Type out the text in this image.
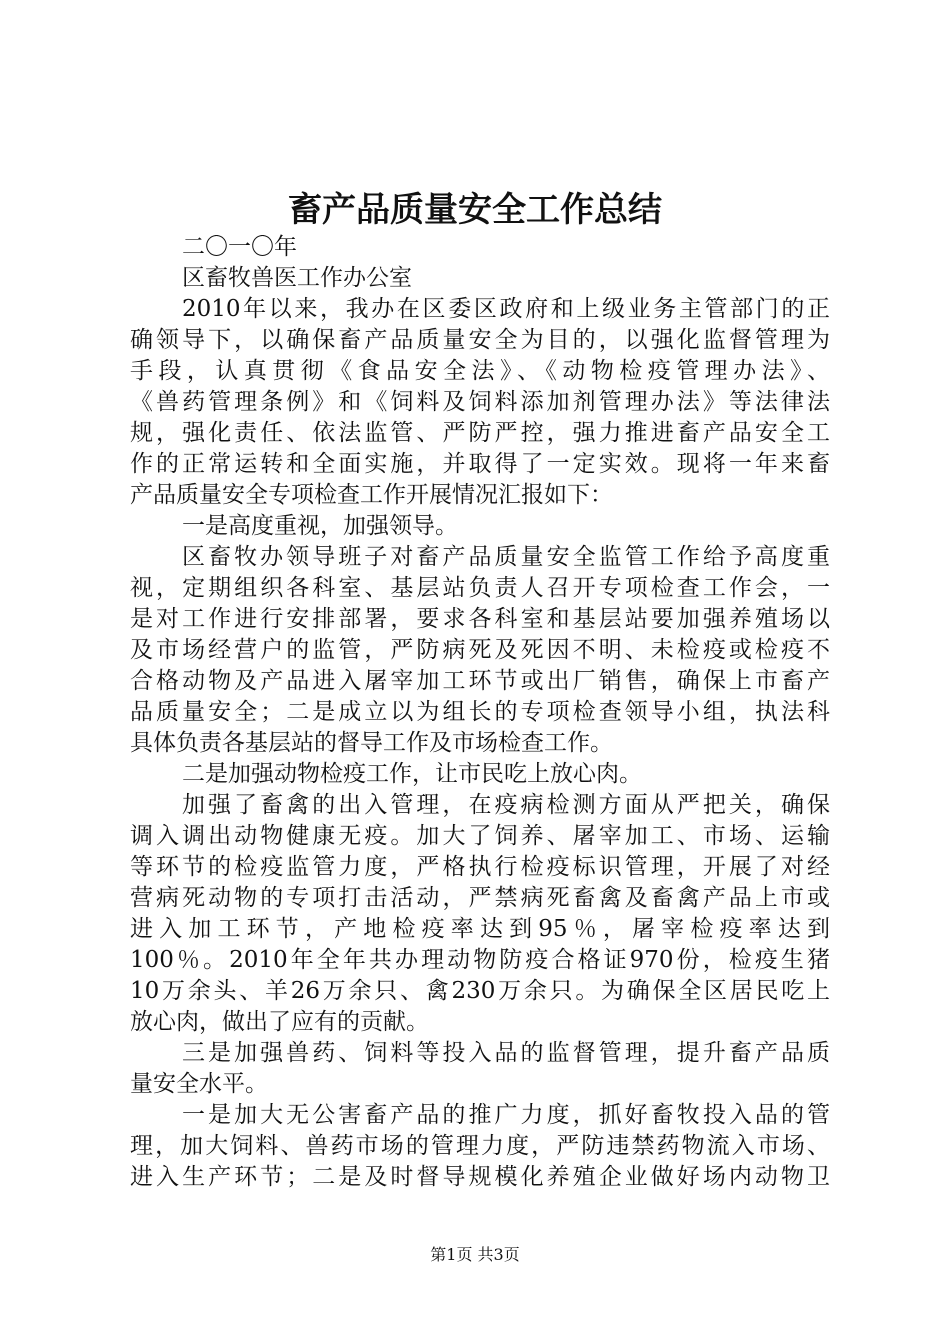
畜产品质量安全工作总结
二〇一〇年
区畜牧兽医工作办公室
2010年以来，我办在区委区政府和上级业务主管部门的正
确领导下，以确保畜产品质量安全为目的，以强化监督管理为
手段，认真贯彻《食品安全法》、《动物检疫管理办法》、
《兽药管理条例》和《饲料及饲料添加剂管理办法》等法律法
规，强化责任、依法监管、严防严控，强力推进畜产品安全工
作的正常运转和全面实施，并取得了一定实效。现将一年来畜
产品质量安全专项检查工作开展情况汇报如下：
一是高度重视，加强领导。
区畜牧办领导班子对畜产品质量安全监管工作给予高度重
视，定期组织各科室、基层站负责人召开专项检查工作会，一
是对工作进行安排部署，要求各科室和基层站要加强养殖场以
及市场经营户的监管，严防病死及死因不明、未检疫或检疫不
合格动物及产品进入屠宰加工环节或出厂销售，确保上市畜产
品质量安全；二是成立以为组长的专项检查领导小组，执法科
具体负责各基层站的督导工作及市场检查工作。
二是加强动物检疫工作，让市民吃上放心肉。
加强了畜禽的出入管理，在疫病检测方面从严把关，确保
调入调出动物健康无疫。加大了饲养、屠宰加工、市场、运输
等环节的检疫监管力度，严格执行检疫标识管理，开展了对经
营病死动物的专项打击活动，严禁病死畜禽及畜禽产品上市或
进入加工环节，产地检疫率达到95％，屠宰检疫率达到
100％。2010年全年共办理动物防疫合格证970份，检疫生猪
10万余头、羊26万余只、禽230万余只。为确保全区居民吃上
放心肉，做出了应有的贡献。
三是加强兽药、饲料等投入品的监督管理，提升畜产品质
量安全水平。
一是加大无公害畜产品的推广力度，抓好畜牧投入品的管
理，加大饲料、兽药市场的管理力度，严防违禁药物流入市场、
进入生产环节；二是及时督导规模化养殖企业做好场内动物卫
第1页 共3页
